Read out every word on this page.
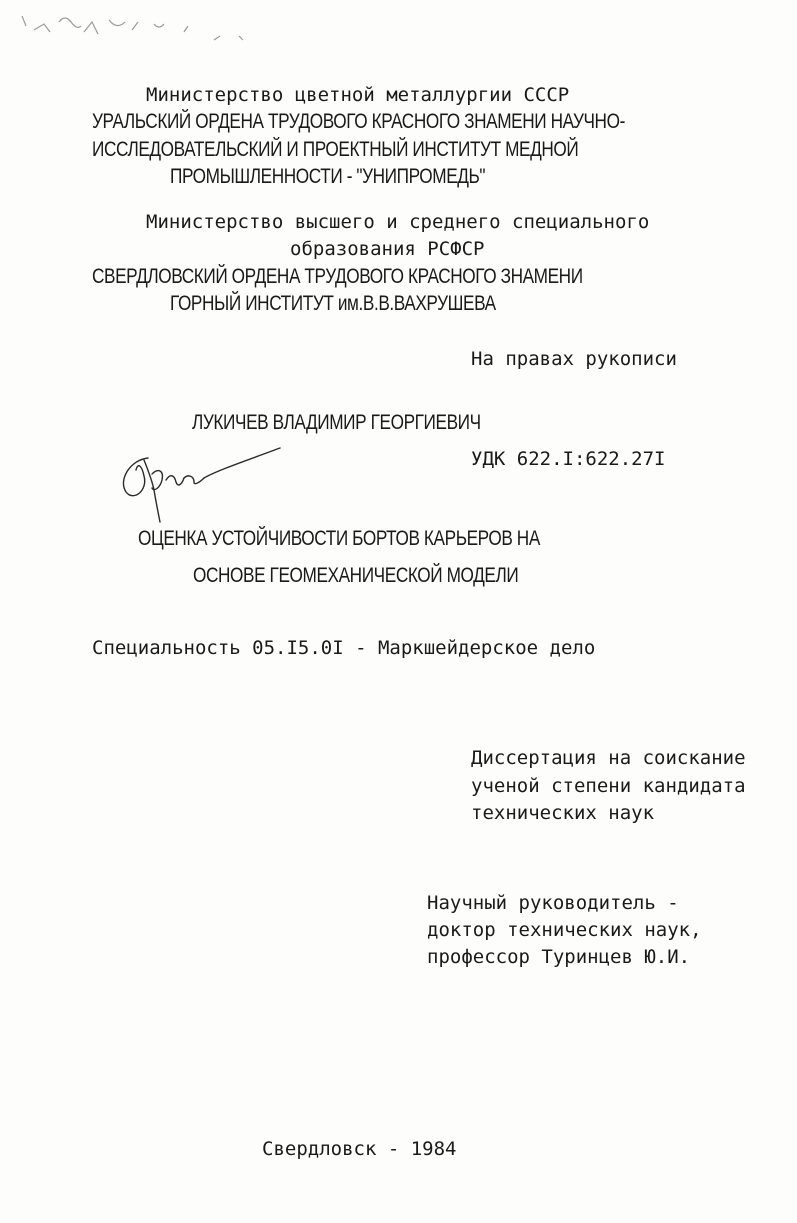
Министерство цветной металлургии СССР
УРАЛЬСКИЙ ОРДЕНА ТРУДОВОГО КРАСНОГО ЗНАМЕНИ НАУЧНО-
ИССЛЕДОВАТЕЛЬСКИЙ И ПРОЕКТНЫЙ ИНСТИТУТ МЕДНОЙ
ПРОМЫШЛЕННОСТИ - "УНИПРОМЕДЬ"
Министерство высшего и среднего специального
образования РСФСР
СВЕРДЛОВСКИЙ ОРДЕНА ТРУДОВОГО КРАСНОГО ЗНАМЕНИ
ГОРНЫЙ ИНСТИТУТ им.В.В.ВАХРУШЕВА
На правах рукописи
ЛУКИЧЕВ ВЛАДИМИР ГЕОРГИЕВИЧ
УДК 622.I:622.27I
ОЦЕНКА УСТОЙЧИВОСТИ БОРТОВ КАРЬЕРОВ НА
ОСНОВЕ ГЕОМЕХАНИЧЕСКОЙ МОДЕЛИ
Специальность 05.I5.0I - Маркшейдерское дело
Диссертация на соискание
ученой степени кандидата
технических наук
Научный руководитель -
доктор технических наук,
профессор Туринцев Ю.И.
Свердловск - 1984
